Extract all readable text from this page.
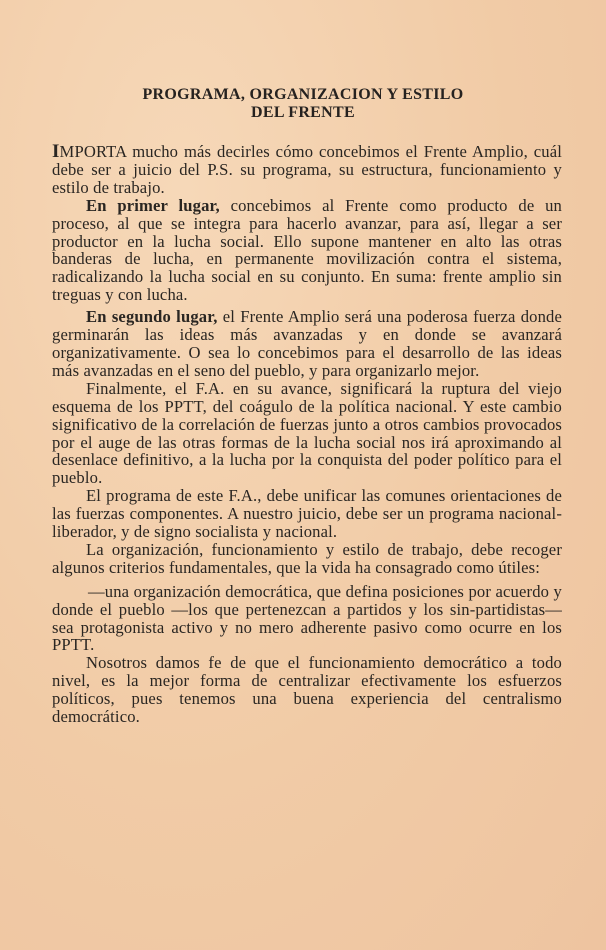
PROGRAMA, ORGANIZACION Y ESTILO
DEL FRENTE

IMPORTA mucho más decirles cómo concebimos el Frente Amplio, cuál debe ser a juicio del P.S. su programa, su estructura, funcionamiento y estilo de trabajo.

En primer lugar, concebimos al Frente como producto de un proceso, al que se integra para hacerlo avanzar, para así, llegar a ser productor en la lucha social. Ello supone mantener en alto las otras banderas de lucha, en permanente movilización contra el sistema, radicalizando la lucha social en su conjunto. En suma: frente amplio sin treguas y con lucha.

En segundo lugar, el Frente Amplio será una poderosa fuerza donde germinarán las ideas más avanzadas y en donde se avanzará organizativamente. O sea lo concebimos para el desarrollo de las ideas más avanzadas en el seno del pueblo, y para organizarlo mejor.

Finalmente, el F.A. en su avance, significará la ruptura del viejo esquema de los PPTT, del coágulo de la política nacional. Y este cambio significativo de la correlación de fuerzas junto a otros cambios provocados por el auge de las otras formas de la lucha social nos irá aproximando al desenlace definitivo, a la lucha por la conquista del poder político para el pueblo.

El programa de este F.A., debe unificar las comunes orientaciones de las fuerzas componentes. A nuestro juicio, debe ser un programa nacional-liberador, y de signo socialista y nacional.

La organización, funcionamiento y estilo de trabajo, debe recoger algunos criterios fundamentales, que la vida ha consagrado como útiles:

—una organización democrática, que defina posiciones por acuerdo y donde el pueblo —los que pertenezcan a partidos y los sin-partidistas— sea protagonista activo y no mero adherente pasivo como ocurre en los PPTT.

Nosotros damos fe de que el funcionamiento democrático a todo nivel, es la mejor forma de centralizar efectivamente los esfuerzos políticos, pues tenemos una buena experiencia del centralismo democrático.
